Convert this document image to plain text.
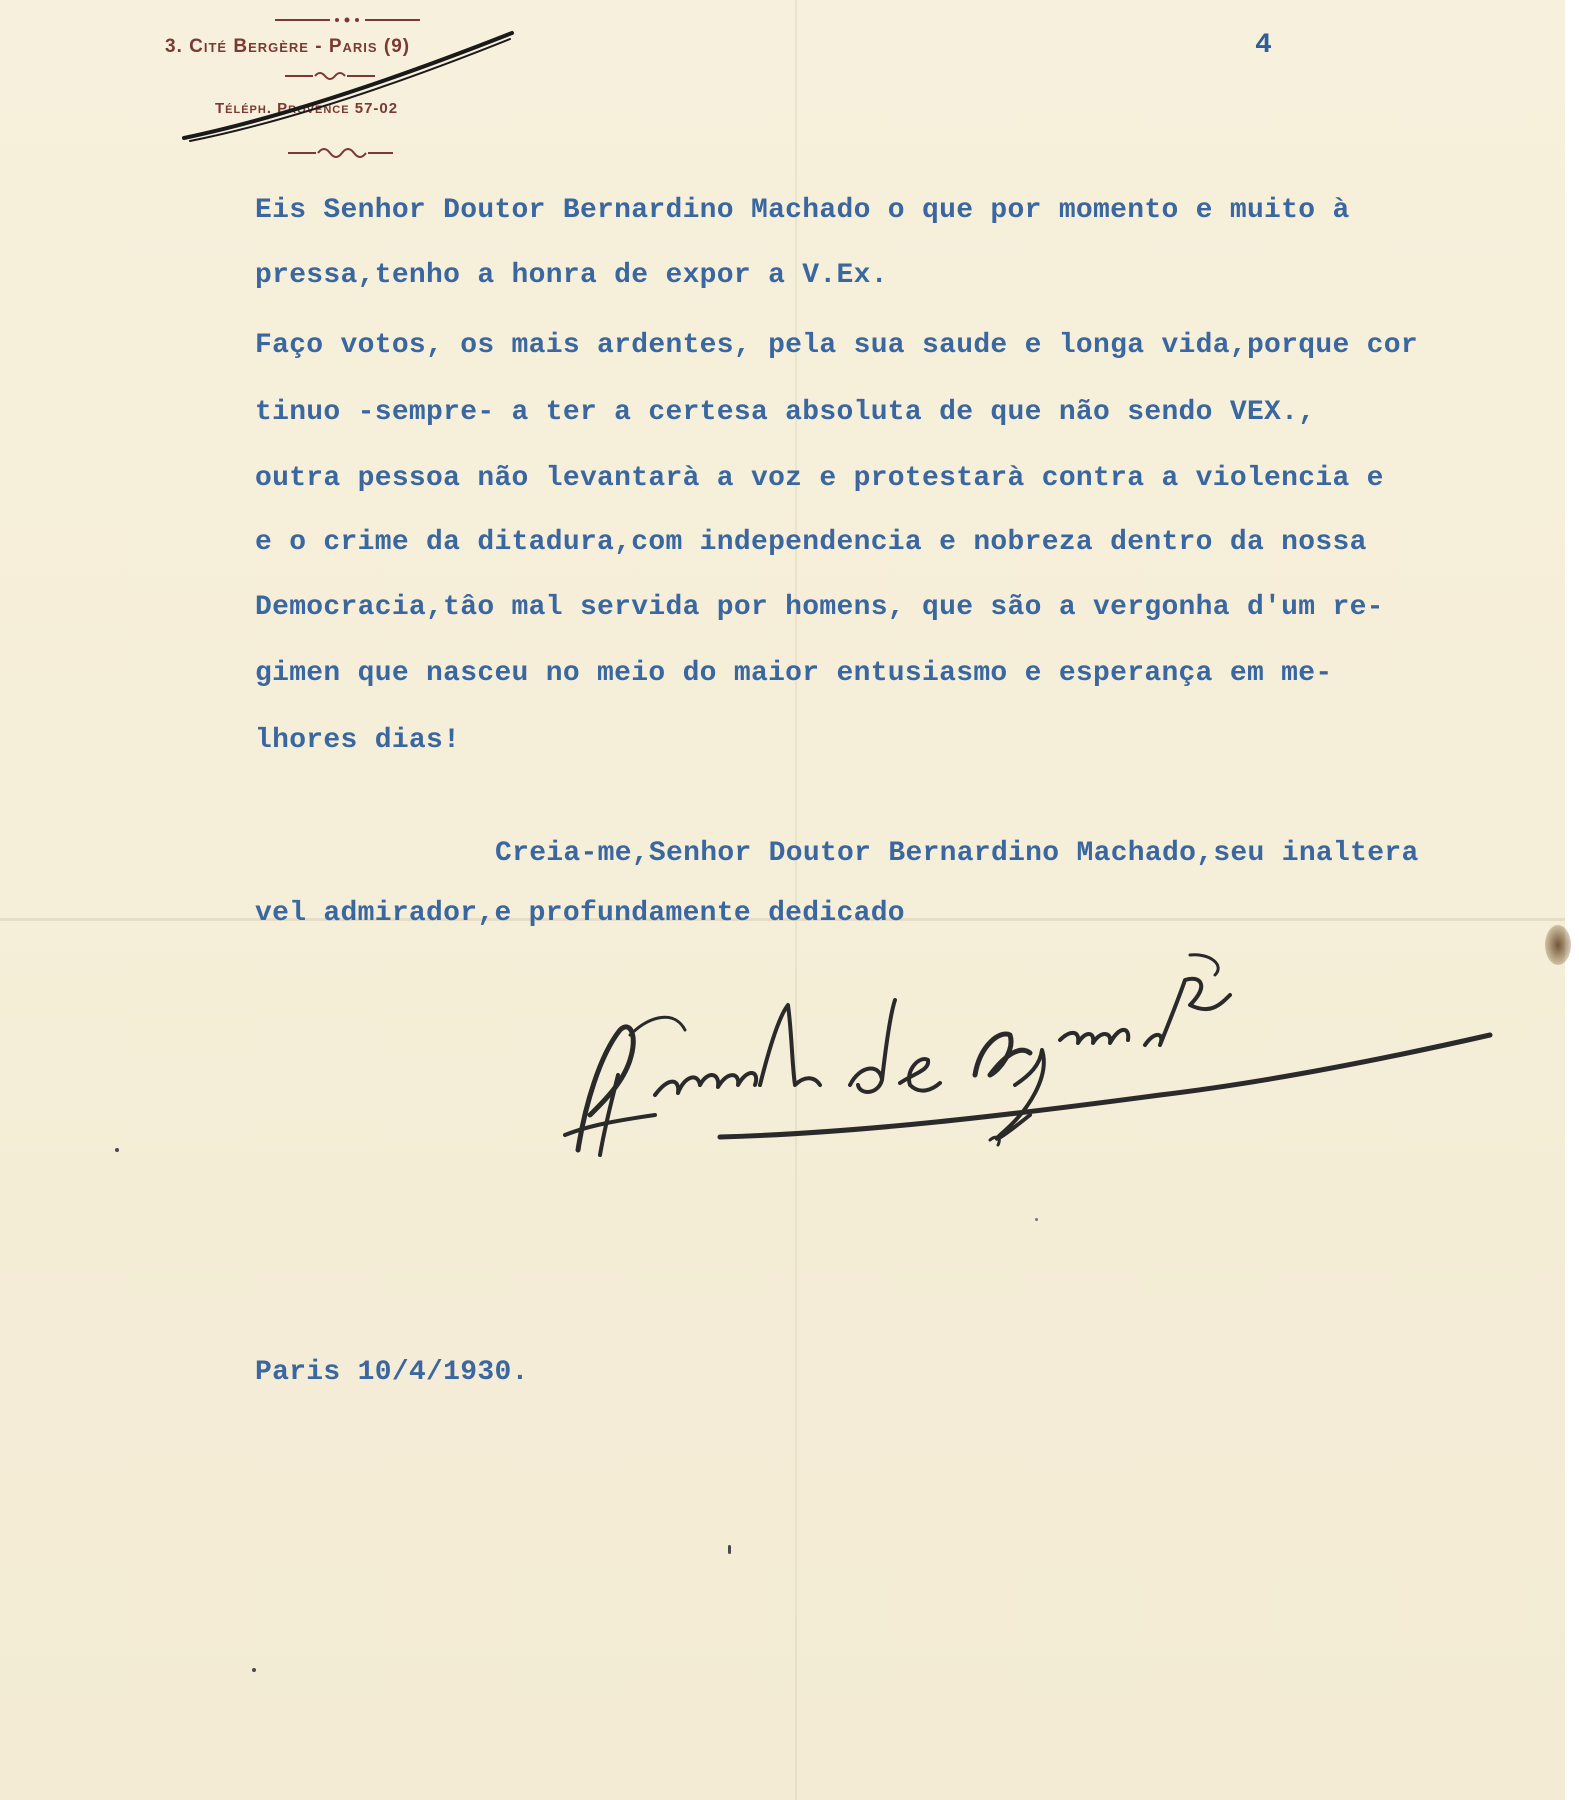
3. Cité Bergère - Paris (9)
Téléph. Provence 57-02
4
Eis Senhor Doutor Bernardino Machado o que por momento e muito à
pressa,tenho a honra de expor a V.Ex.
Faço votos, os mais ardentes, pela sua saude e longa vida,porque cor
tinuo -sempre- a ter a certesa absoluta de que não sendo VEX.,
outra pessoa não levantarà a voz e protestarà contra a violencia e
e o crime da ditadura,com independencia e nobreza dentro da nossa
Democracia,tâo mal servida por homens, que são a vergonha d'um re-
gimen que nasceu no meio do maior entusiasmo e esperança em me-
lhores dias!
Creia-me,Senhor Doutor Bernardino Machado,seu inaltera
vel admirador,e profundamente dedicado
A. Bernardo de Azevedo
Paris 10/4/1930.
